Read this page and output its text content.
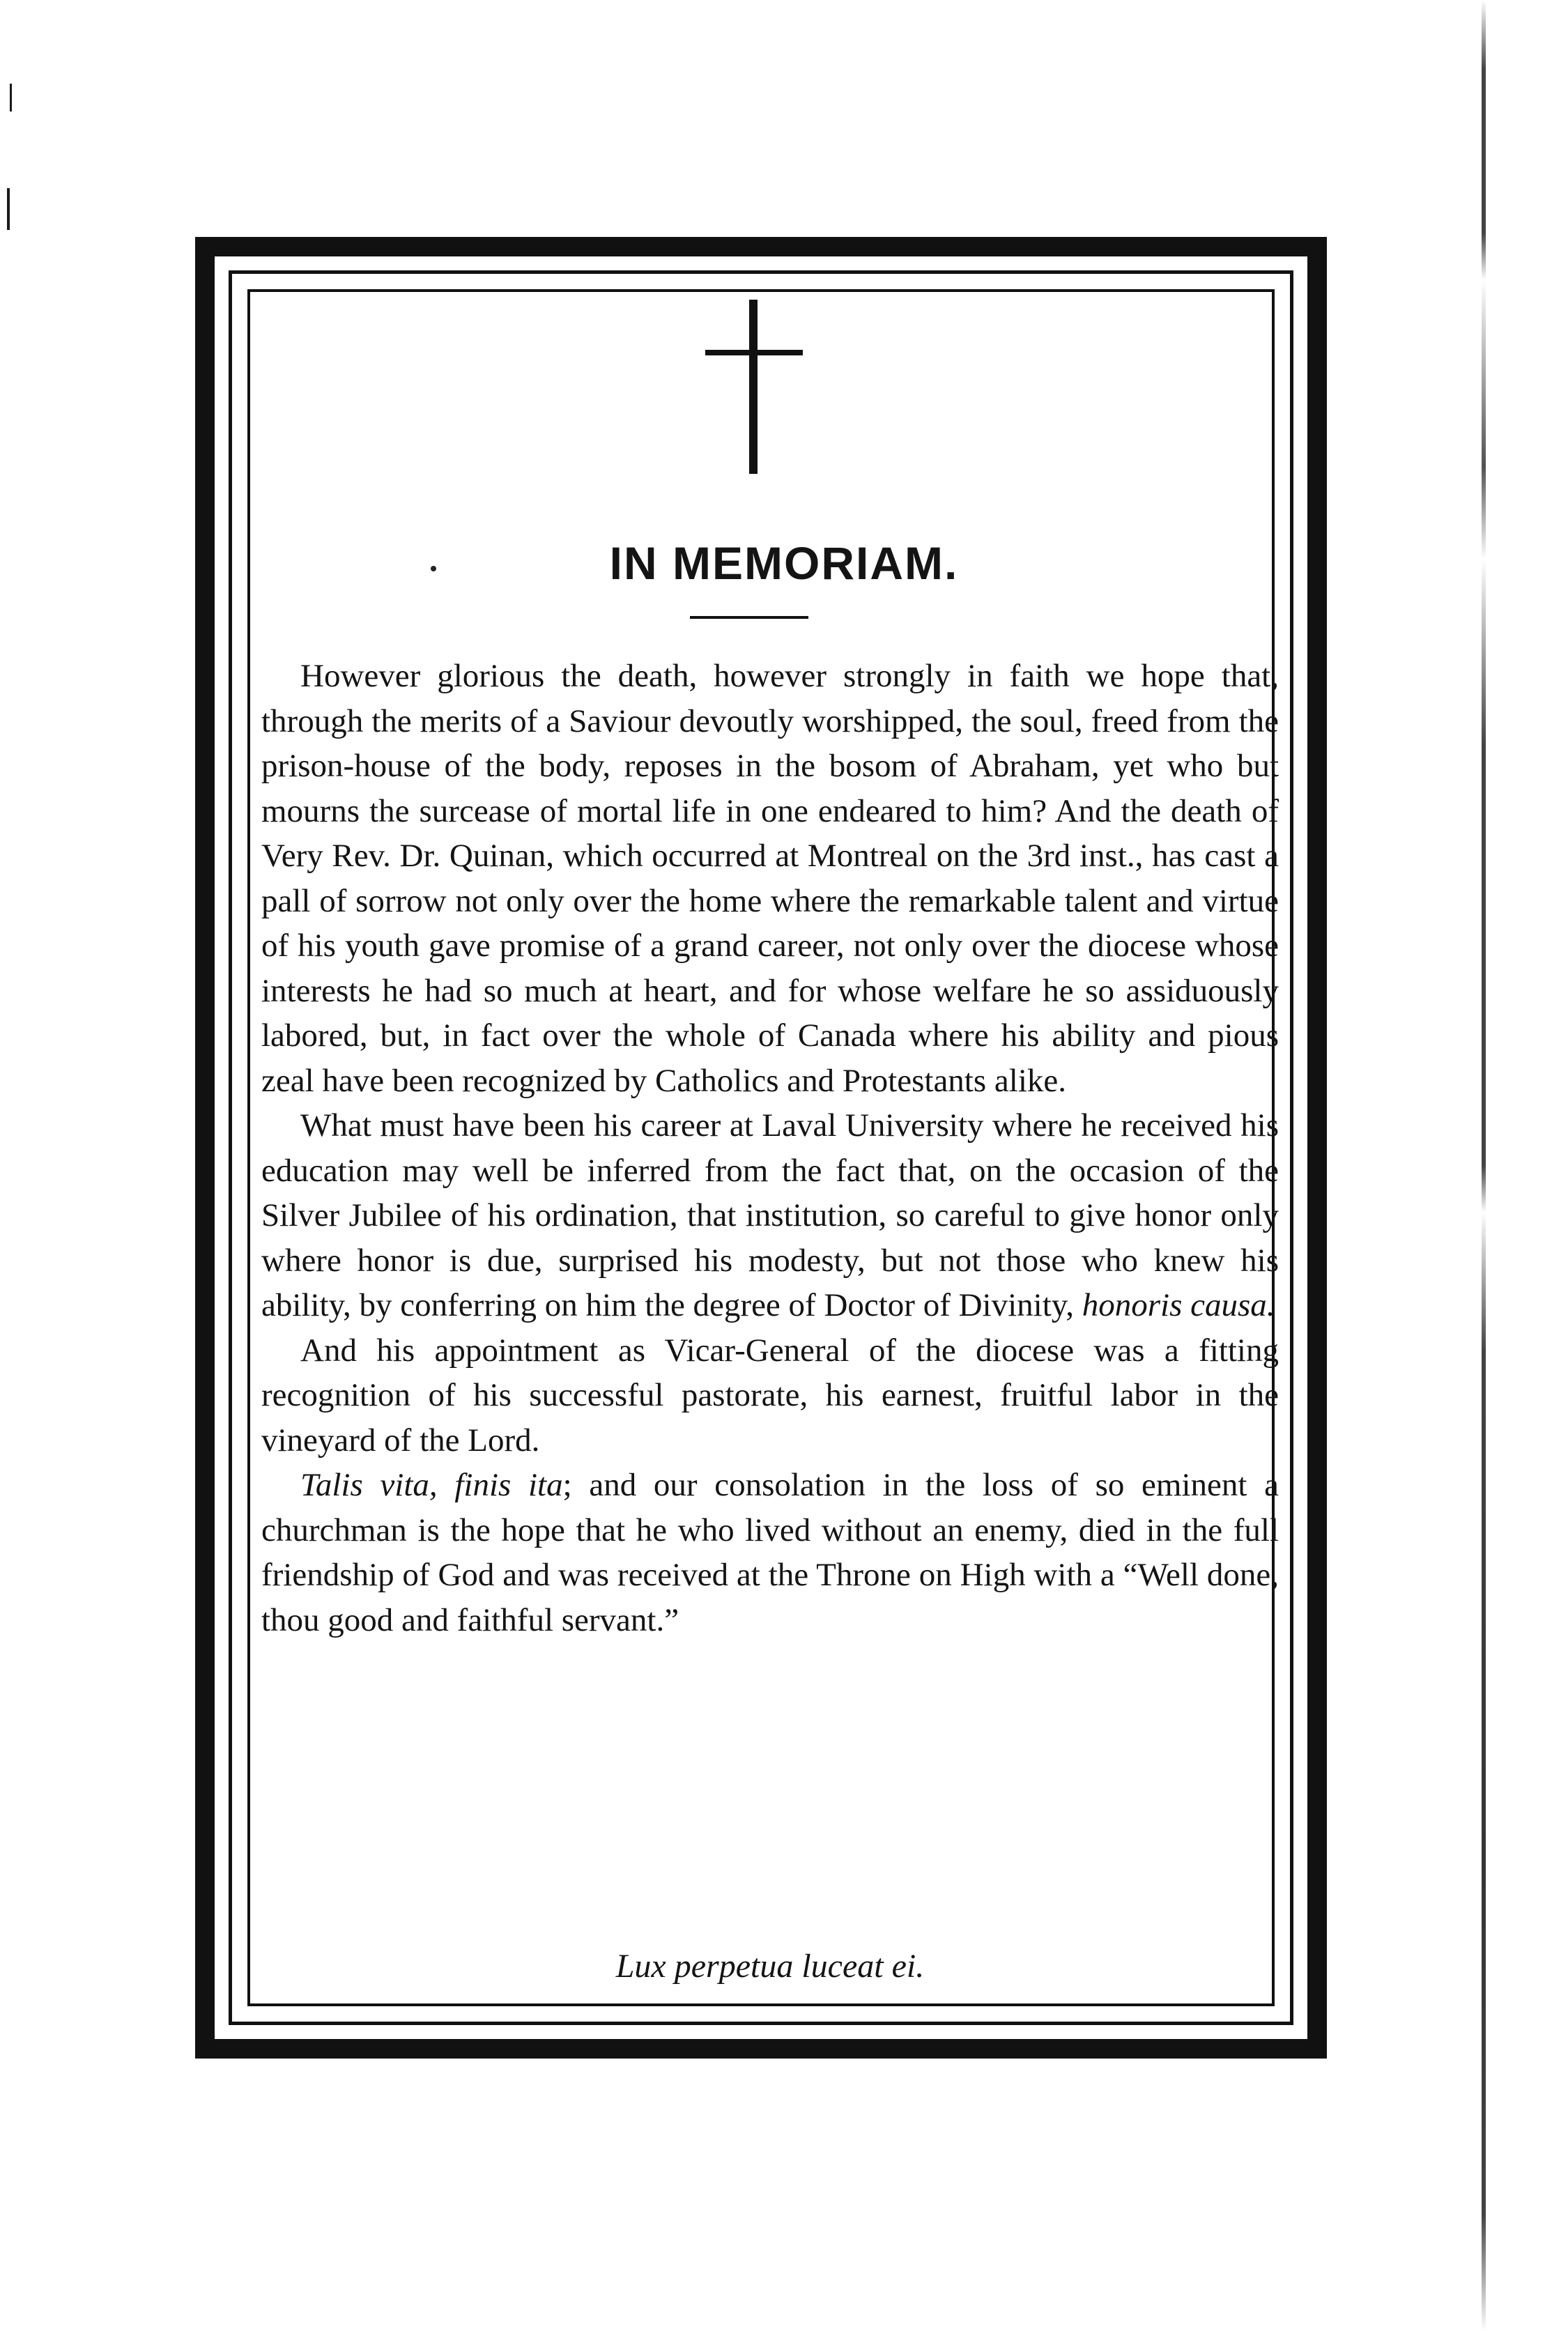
IN MEMORIAM.

However glorious the death, however strongly in faith we hope that, through the merits of a Saviour devoutly worshipped, the soul, freed from the prison-house of the body, reposes in the bosom of Abraham, yet who but mourns the surcease of mortal life in one endeared to him? And the death of Very Rev. Dr. Quinan, which occurred at Montreal on the 3rd inst., has cast a pall of sorrow not only over the home where the remarkable talent and virtue of his youth gave promise of a grand career, not only over the diocese whose interests he had so much at heart, and for whose welfare he so assiduously labored, but, in fact over the whole of Canada where his ability and pious zeal have been recognized by Catholics and Protestants alike.

What must have been his career at Laval University where he received his education may well be inferred from the fact that, on the occasion of the Silver Jubilee of his ordination, that institution, so careful to give honor only where honor is due, surprised his modesty, but not those who knew his ability, by conferring on him the degree of Doctor of Divinity, honoris causa.

And his appointment as Vicar-General of the diocese was a fitting recognition of his successful pastorate, his earnest, fruitful labor in the vineyard of the Lord.

Talis vita, finis ita; and our consolation in the loss of so eminent a churchman is the hope that he who lived without an enemy, died in the full friendship of God and was received at the Throne on High with a “Well done, thou good and faithful servant.”

Lux perpetua luceat ei.
